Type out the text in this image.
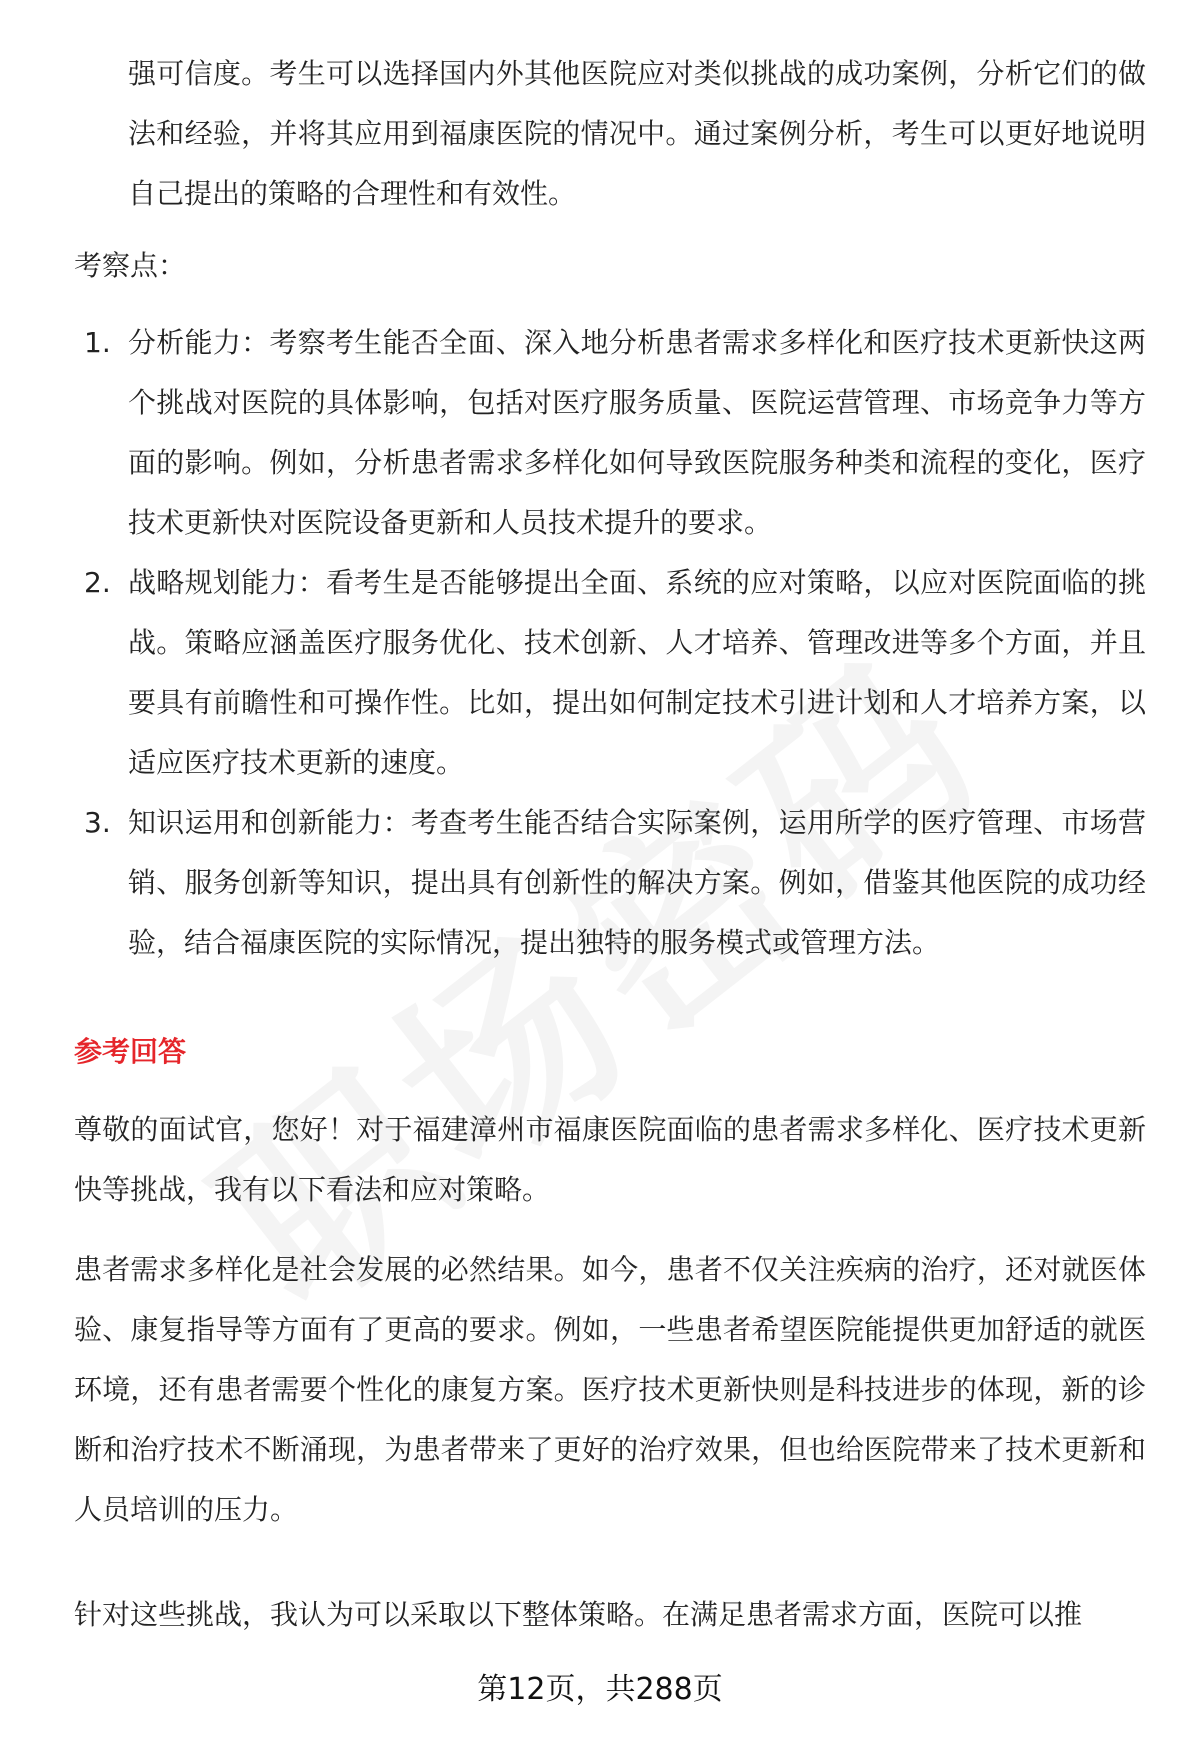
强可信度。考生可以选择国内外其他医院应对类似挑战的成功案例，分析它们的做法和经验，并将其应用到福康医院的情况中。通过案例分析，考生可以更好地说明自己提出的策略的合理性和有效性。

考察点：

1. 分析能力：考察考生能否全面、深入地分析患者需求多样化和医疗技术更新快这两个挑战对医院的具体影响，包括对医疗服务质量、医院运营管理、市场竞争力等方面的影响。例如，分析患者需求多样化如何导致医院服务种类和流程的变化，医疗技术更新快对医院设备更新和人员技术提升的要求。
2. 战略规划能力：看考生是否能够提出全面、系统的应对策略，以应对医院面临的挑战。策略应涵盖医疗服务优化、技术创新、人才培养、管理改进等多个方面，并且要具有前瞻性和可操作性。比如，提出如何制定技术引进计划和人才培养方案，以适应医疗技术更新的速度。
3. 知识运用和创新能力：考查考生能否结合实际案例，运用所学的医疗管理、市场营销、服务创新等知识，提出具有创新性的解决方案。例如，借鉴其他医院的成功经验，结合福康医院的实际情况，提出独特的服务模式或管理方法。

参考回答

尊敬的面试官，您好！对于福建漳州市福康医院面临的患者需求多样化、医疗技术更新快等挑战，我有以下看法和应对策略。

患者需求多样化是社会发展的必然结果。如今，患者不仅关注疾病的治疗，还对就医体验、康复指导等方面有了更高的要求。例如，一些患者希望医院能提供更加舒适的就医环境，还有患者需要个性化的康复方案。医疗技术更新快则是科技进步的体现，新的诊断和治疗技术不断涌现，为患者带来了更好的治疗效果，但也给医院带来了技术更新和人员培训的压力。

针对这些挑战，我认为可以采取以下整体策略。在满足患者需求方面，医院可以推

第12页，共288页
